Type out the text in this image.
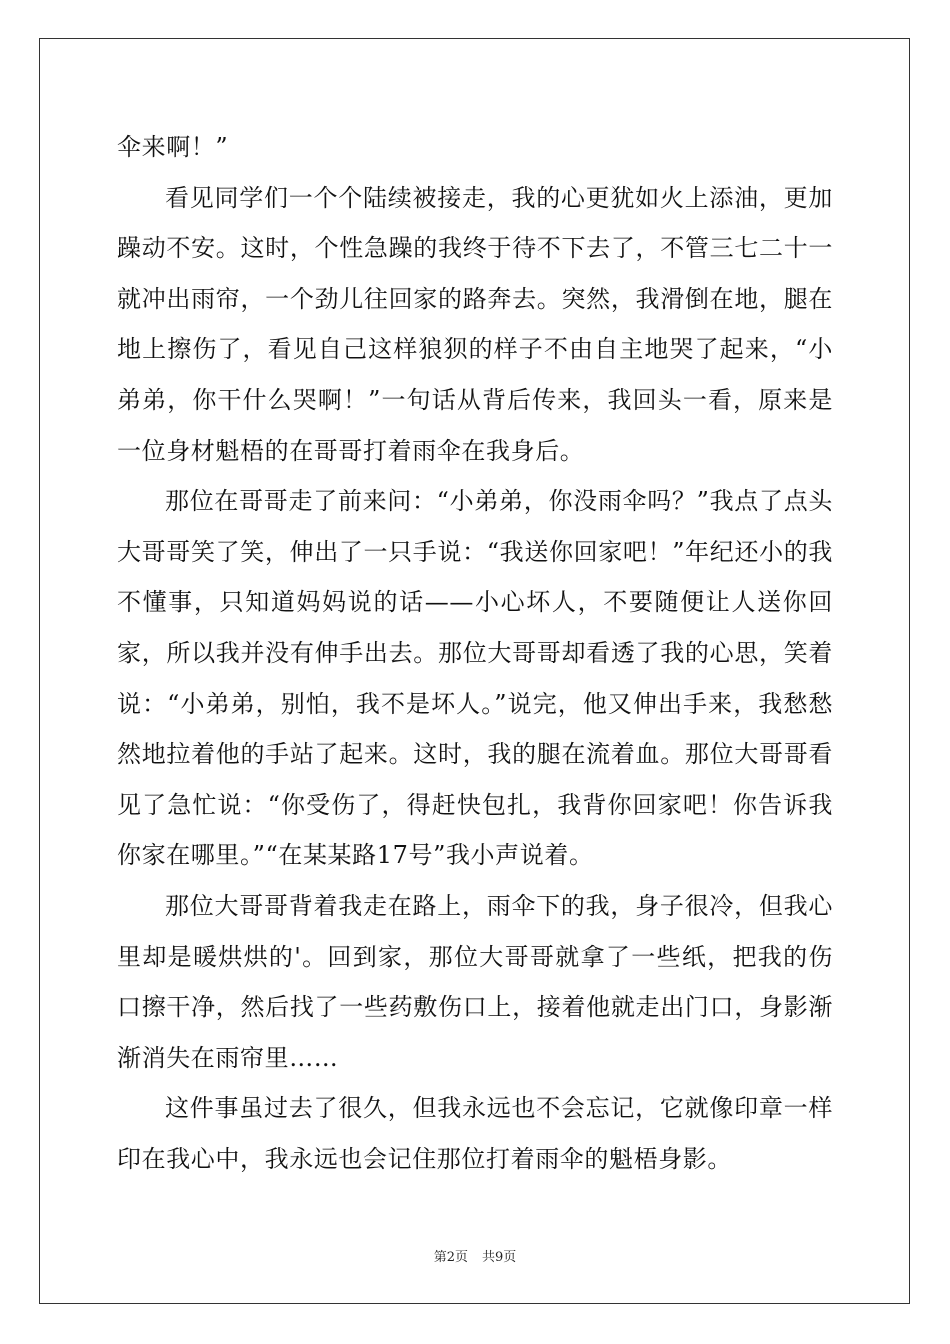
伞来啊！”

看见同学们一个个陆续被接走，我的心更犹如火上添油，更加躁动不安。这时，个性急躁的我终于待不下去了，不管三七二十一就冲出雨帘，一个劲儿往回家的路奔去。突然，我滑倒在地，腿在地上擦伤了，看见自己这样狼狈的样子不由自主地哭了起来，“小弟弟，你干什么哭啊！”一句话从背后传来，我回头一看，原来是一位身材魁梧的在哥哥打着雨伞在我身后。

那位在哥哥走了前来问：“小弟弟，你没雨伞吗？”我点了点头大哥哥笑了笑，伸出了一只手说：“我送你回家吧！”年纪还小的我不懂事，只知道妈妈说的话——小心坏人，不要随便让人送你回家，所以我并没有伸手出去。那位大哥哥却看透了我的心思，笑着说：“小弟弟，别怕，我不是坏人。”说完，他又伸出手来，我愁愁然地拉着他的手站了起来。这时，我的腿在流着血。那位大哥哥看见了急忙说：“你受伤了，得赶快包扎，我背你回家吧！你告诉我你家在哪里。”“在某某路17号”我小声说着。

那位大哥哥背着我走在路上，雨伞下的我，身子很冷，但我心里却是暖烘烘的'。回到家，那位大哥哥就拿了一些纸，把我的伤口擦干净，然后找了一些药敷伤口上，接着他就走出门口，身影渐渐消失在雨帘里……

这件事虽过去了很久，但我永远也不会忘记，它就像印章一样印在我心中，我永远也会记住那位打着雨伞的魁梧身影。

第2页 共9页
